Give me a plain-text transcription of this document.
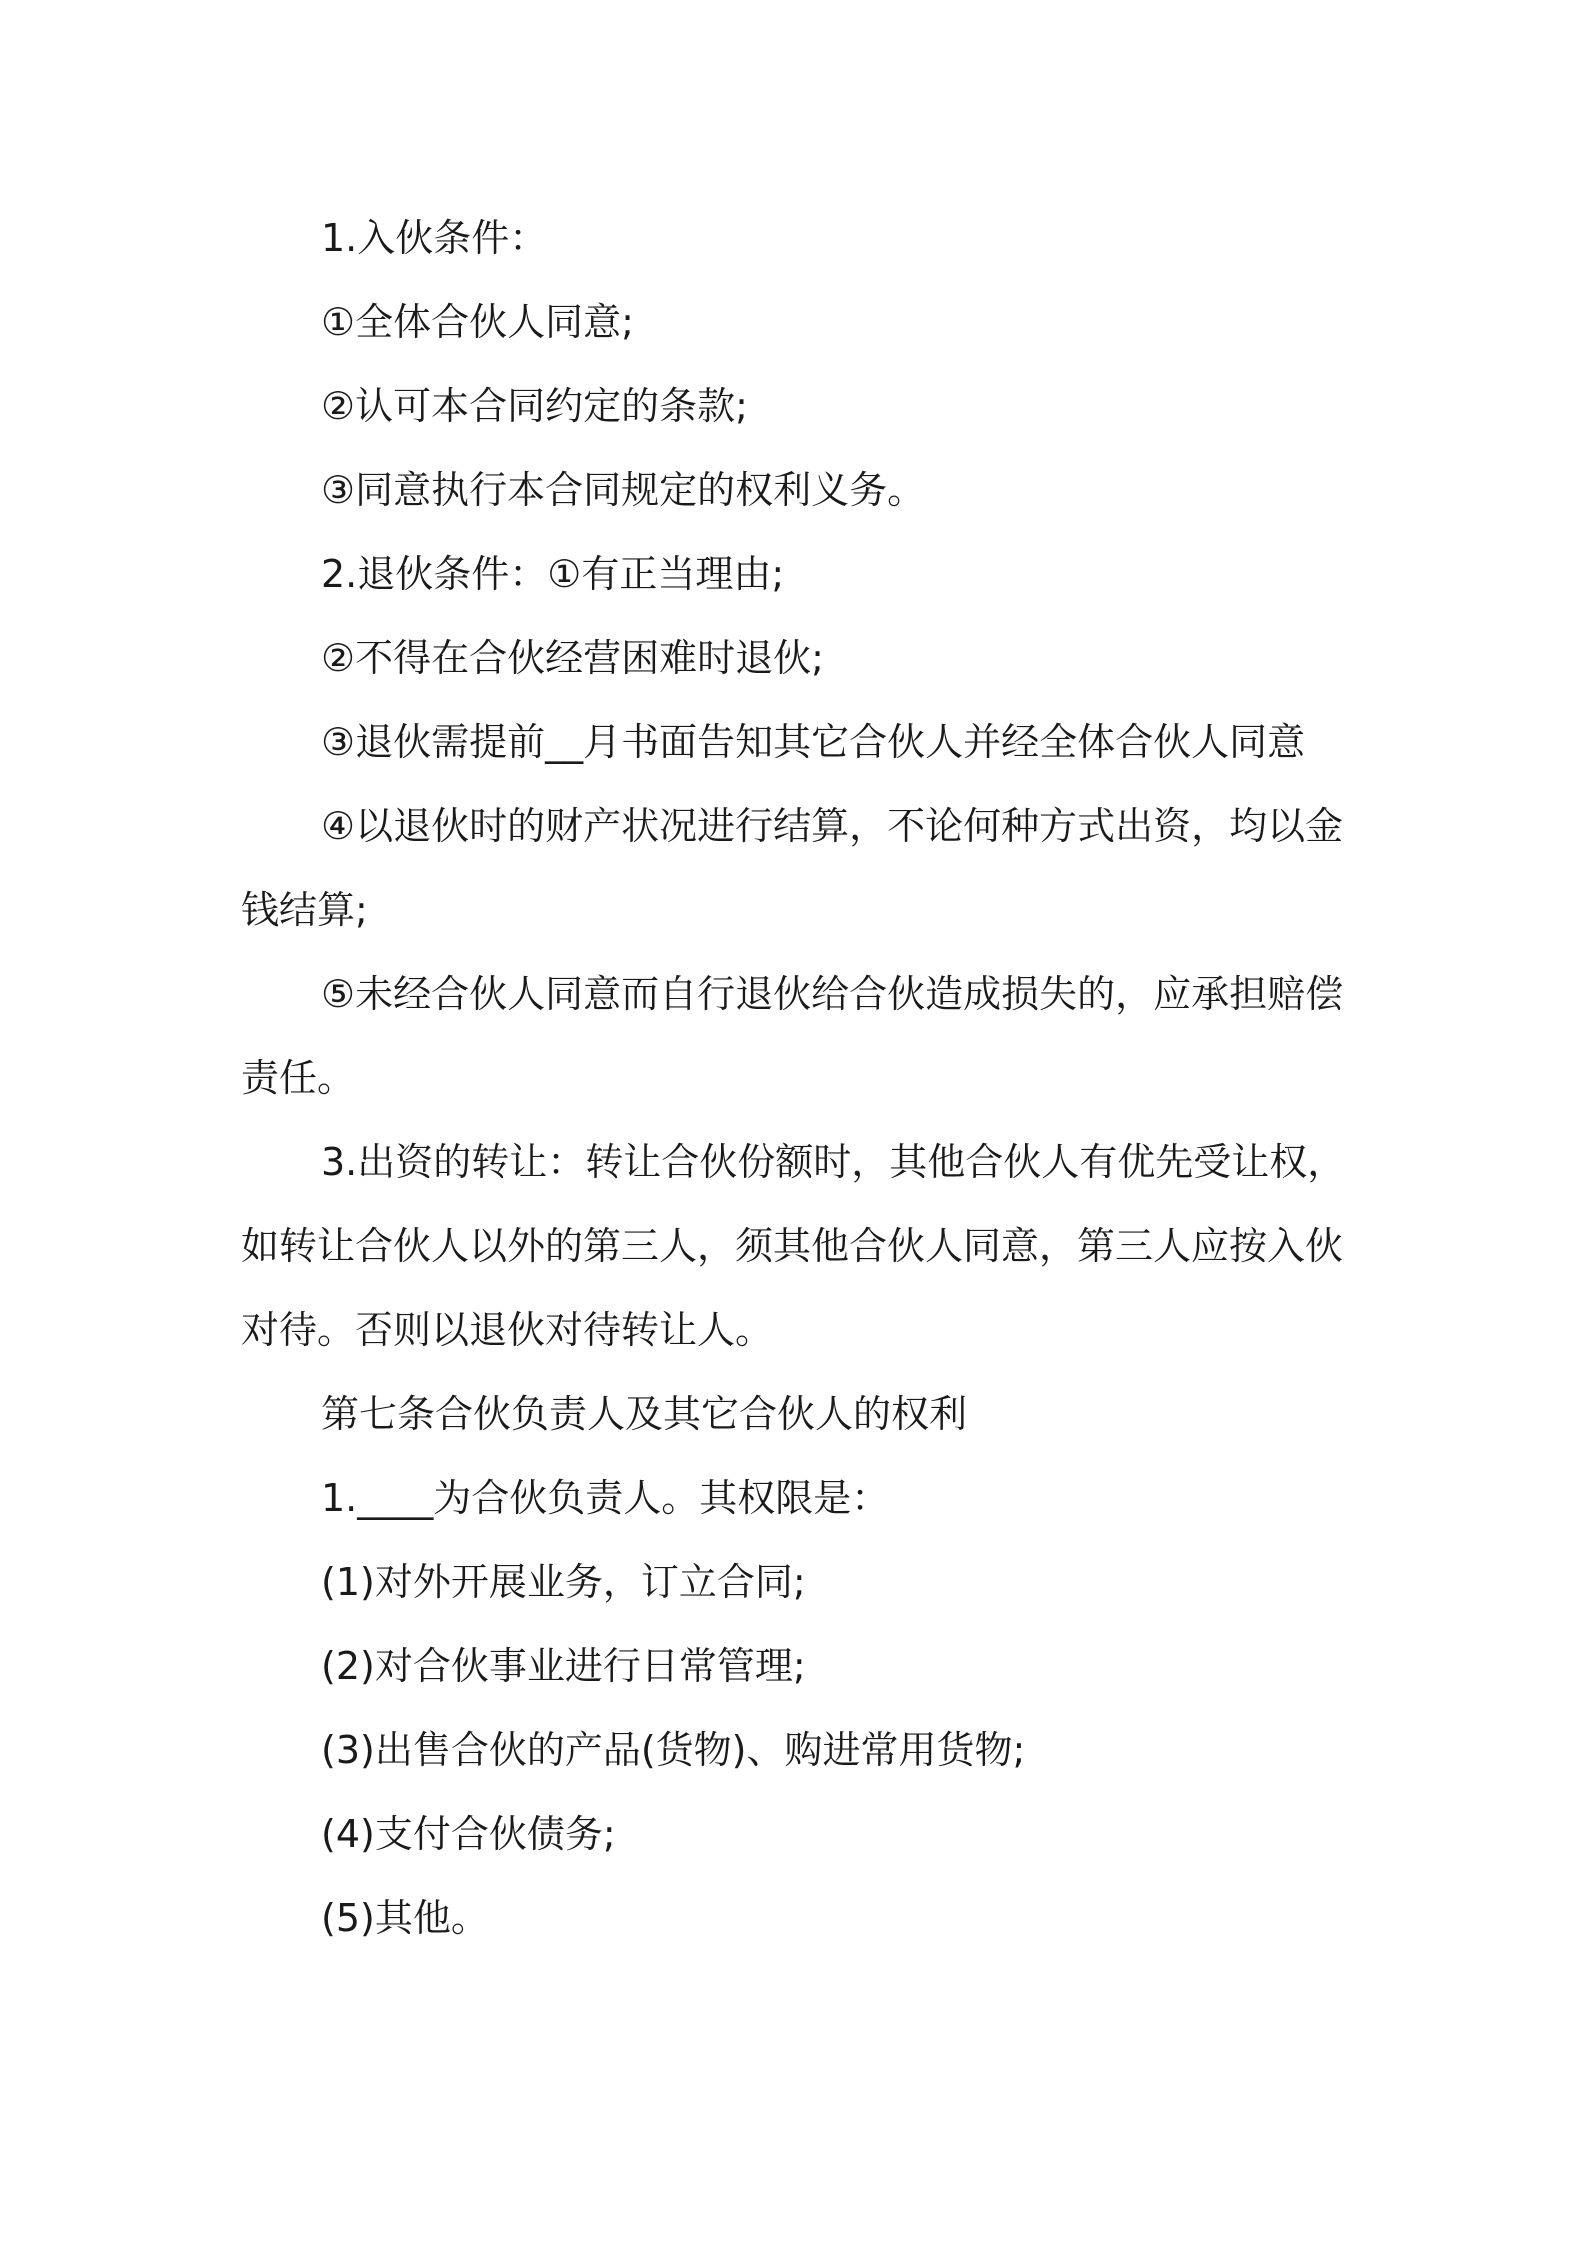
1.入伙条件：

①全体合伙人同意;

②认可本合同约定的条款;

③同意执行本合同规定的权利义务。

2.退伙条件：①有正当理由;

②不得在合伙经营困难时退伙;

③退伙需提前__月书面告知其它合伙人并经全体合伙人同意

④以退伙时的财产状况进行结算，不论何种方式出资，均以金钱结算;

⑤未经合伙人同意而自行退伙给合伙造成损失的，应承担赔偿责任。

3.出资的转让：转让合伙份额时，其他合伙人有优先受让权，如转让合伙人以外的第三人，须其他合伙人同意，第三人应按入伙对待。否则以退伙对待转让人。

第七条合伙负责人及其它合伙人的权利

1.____为合伙负责人。其权限是：

(1)对外开展业务，订立合同;

(2)对合伙事业进行日常管理;

(3)出售合伙的产品(货物)、购进常用货物;

(4)支付合伙债务;

(5)其他。
